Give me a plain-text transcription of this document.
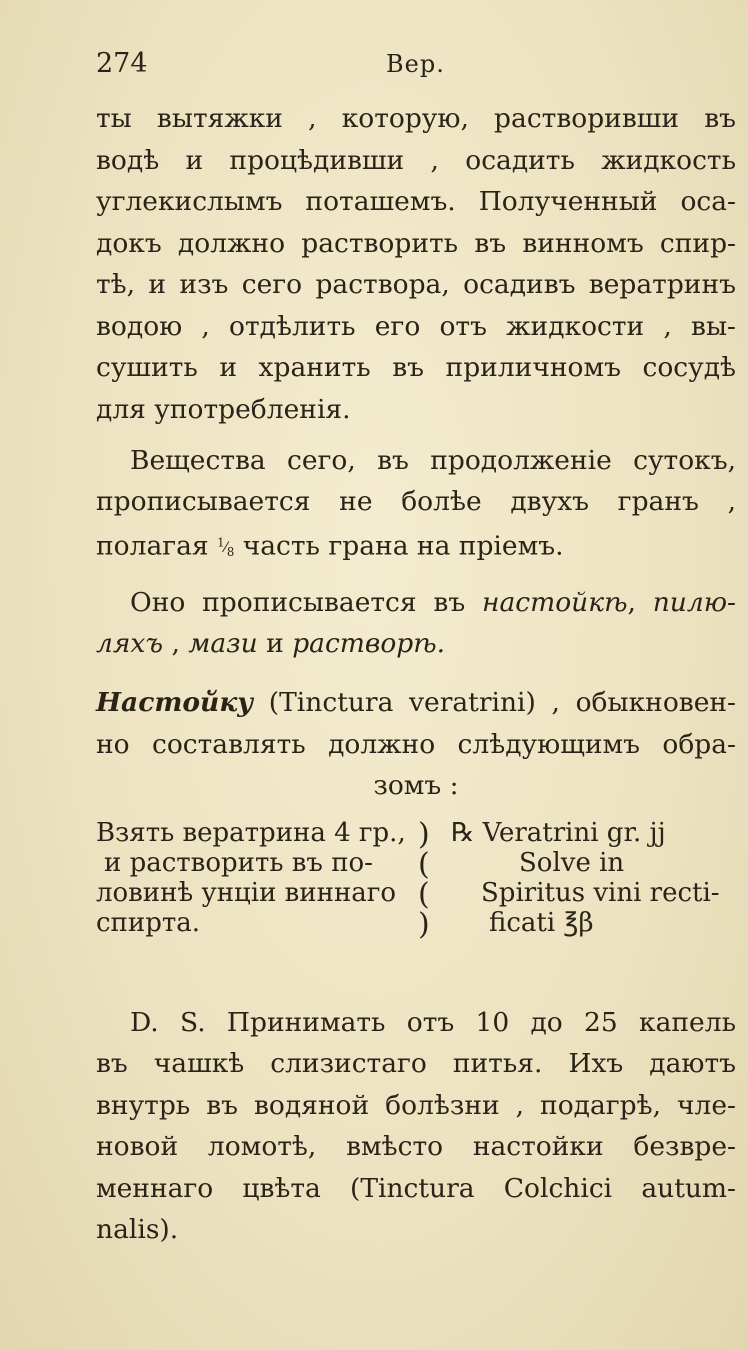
274	Вер.
ты вытяжки , которую, растворивши въ
водѣ и процѣдивши , осадить жидкость
углекислымъ поташемъ. Полученный оса-
докъ должно растворить въ винномъ спир-
тѣ, и изъ сего раствора, осадивъ вератринъ
водою , отдѣлить его отъ жидкости , вы-
сушить и хранить въ приличномъ сосудѣ
для употребленія.
Вещества сего, въ продолженіе сутокъ,
прописывается не болѣе двухъ гранъ ,
полагая $^1⁄_8$ часть грана на пріемъ.
Оно прописывается въ настойкѣ, пилю-
ляхъ , мази и растворѣ.
Настойку (Tinctura veratrini) , обыкновен-
но составлять должно слѣдующимъ обра-
зомъ :
Взять вератрина 4 гр.,
и растворить въ по-
ловинѣ унціи виннаго
спирта.
)
(
(
)
℞ Veratrini gr. jj
Solve in
Spiritus vini recti-
ficati ℥β
D. S. Принимать отъ 10 до 25 капель
въ чашкѣ слизистаго питья. Ихъ даютъ
внутрь въ водяной болѣзни , подагрѣ, чле-
новой ломотѣ, вмѣсто настойки безвре-
меннаго цвѣта (Tinctura Colchici autum-
nalis).
